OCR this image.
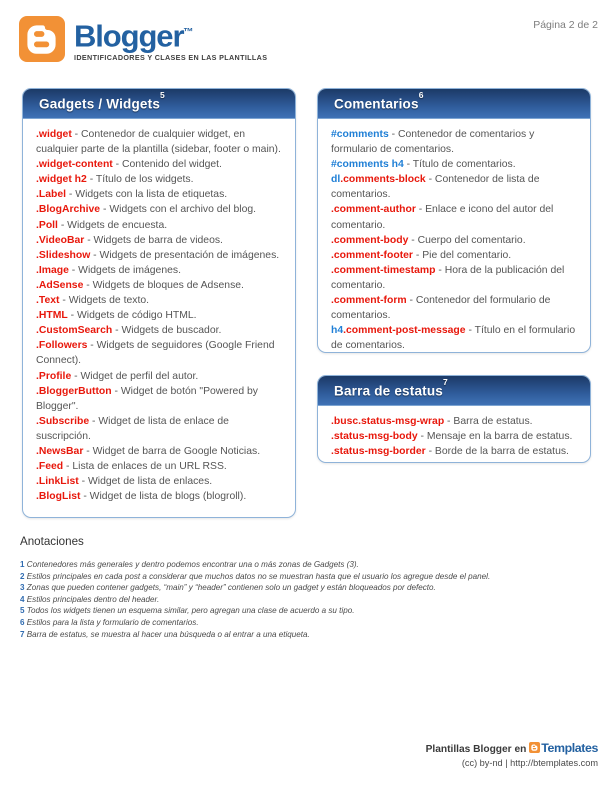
Blogger™
IDENTIFICADORES Y CLASES EN LAS PLANTILLAS
Página 2 de 2
Gadgets / Widgets$^5$
.widget - Contenedor de cualquier widget, en cualquier parte de la plantilla (sidebar, footer o main).
.widget-content - Contenido del widget.
.widget h2 - Título de los widgets.
.Label - Widgets con la lista de etiquetas.
.BlogArchive - Widgets con el archivo del blog.
.Poll - Widgets de encuesta.
.VideoBar - Widgets de barra de videos.
.Slideshow - Widgets de presentación de imágenes.
.Image - Widgets de imágenes.
.AdSense - Widgets de bloques de Adsense.
.Text - Widgets de texto.
.HTML - Widgets de código HTML.
.CustomSearch - Widgets de buscador.
.Followers - Widgets de seguidores (Google Friend Connect).
.Profile - Widget de perfil del autor.
.BloggerButton - Widget de botón "Powered by Blogger".
.Subscribe - Widget de lista de enlace de suscripción.
.NewsBar - Widget de barra de Google Noticias.
.Feed - Lista de enlaces de un URL RSS.
.LinkList - Widget de lista de enlaces.
.BlogList - Widget de lista de blogs (blogroll).
Comentarios$^6$
#comments - Contenedor de comentarios y formulario de comentarios.
#comments h4 - Título de comentarios.
dl.comments-block - Contenedor de lista de comentarios.
.comment-author - Enlace e icono del autor del comentario.
.comment-body - Cuerpo del comentario.
.comment-footer - Pie del comentario.
.comment-timestamp - Hora de la publicación del comentario.
.comment-form - Contenedor del formulario de comentarios.
h4.comment-post-message - Título en el formulario de comentarios.
Barra de estatus$^7$
.busc.status-msg-wrap - Barra de estatus.
.status-msg-body - Mensaje en la barra de estatus.
.status-msg-border - Borde de la barra de estatus.
Anotaciones
1 Contenedores más generales y dentro podemos encontrar una o más zonas de Gadgets (3).
2 Estilos principales en cada post a considerar que muchos datos no se muestran hasta que el usuario los agregue desde el panel.
3 Zonas que pueden contener gadgets, “main” y “header” contienen solo un gadget y están bloqueados por defecto.
4 Estilos principales dentro del header.
5 Todos los widgets tienen un esquema similar, pero agregan una clase de acuerdo a su tipo.
6 Estilos para la lista y formulario de comentarios.
7 Barra de estatus, se muestra al hacer una búsqueda o al entrar a una etiqueta.
Plantillas Blogger en Templates
(cc) by-nd | http://btemplates.com
